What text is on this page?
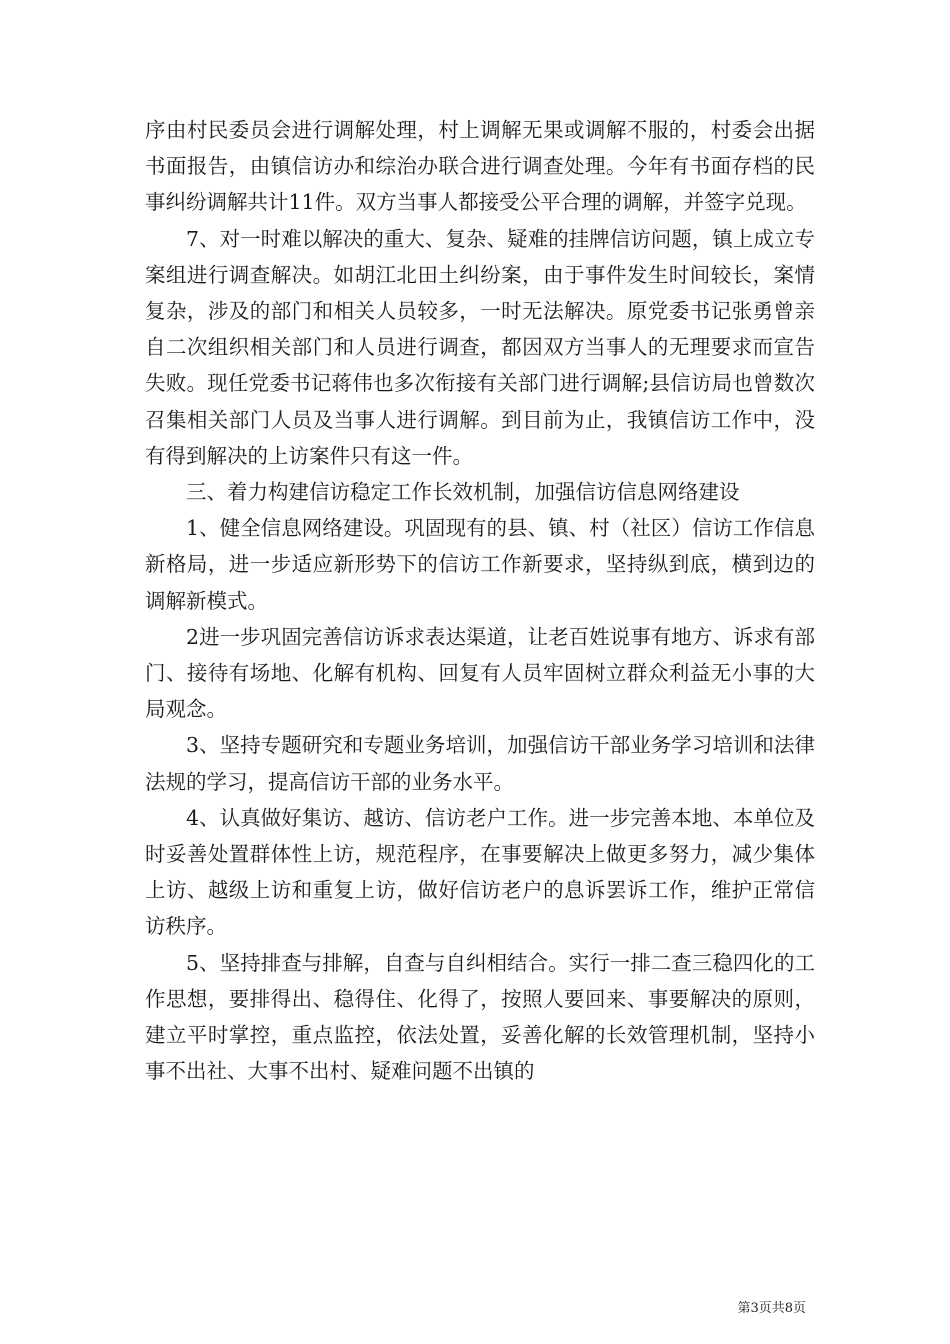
序由村民委员会进行调解处理，村上调解无果或调解不服的，村委会出据书面报告，由镇信访办和综治办联合进行调查处理。今年有书面存档的民事纠纷调解共计11件。双方当事人都接受公平合理的调解，并签字兑现。

7、对一时难以解决的重大、复杂、疑难的挂牌信访问题，镇上成立专案组进行调查解决。如胡江北田土纠纷案，由于事件发生时间较长，案情复杂，涉及的部门和相关人员较多，一时无法解决。原党委书记张勇曾亲自二次组织相关部门和人员进行调查，都因双方当事人的无理要求而宣告失败。现任党委书记蒋伟也多次衔接有关部门进行调解;县信访局也曾数次召集相关部门人员及当事人进行调解。到目前为止，我镇信访工作中，没有得到解决的上访案件只有这一件。

三、着力构建信访稳定工作长效机制，加强信访信息网络建设

1、健全信息网络建设。巩固现有的县、镇、村（社区）信访工作信息新格局，进一步适应新形势下的信访工作新要求，坚持纵到底，横到边的调解新模式。

2进一步巩固完善信访诉求表达渠道，让老百姓说事有地方、诉求有部门、接待有场地、化解有机构、回复有人员牢固树立群众利益无小事的大局观念。

3、坚持专题研究和专题业务培训，加强信访干部业务学习培训和法律法规的学习，提高信访干部的业务水平。

4、认真做好集访、越访、信访老户工作。进一步完善本地、本单位及时妥善处置群体性上访，规范程序，在事要解决上做更多努力，减少集体上访、越级上访和重复上访，做好信访老户的息诉罢诉工作，维护正常信访秩序。

5、坚持排查与排解，自查与自纠相结合。实行一排二查三稳四化的工作思想，要排得出、稳得住、化得了，按照人要回来、事要解决的原则，建立平时掌控，重点监控，依法处置，妥善化解的长效管理机制，坚持小事不出社、大事不出村、疑难问题不出镇的

第3页共8页
